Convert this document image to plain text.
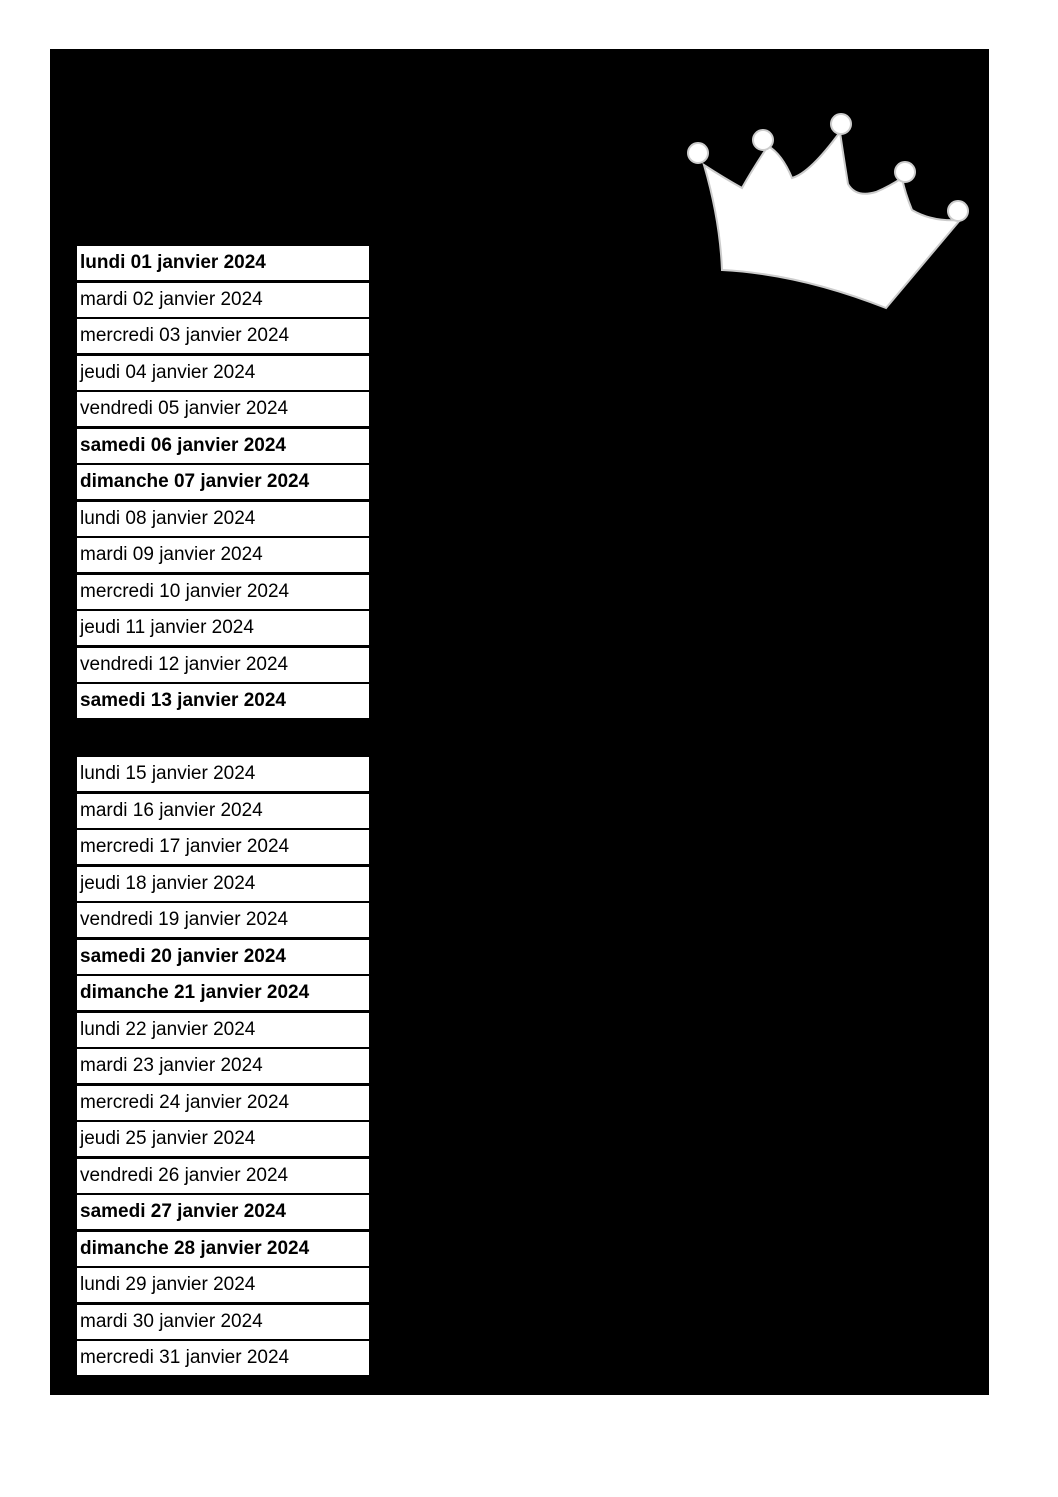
lundi 01 janvier 2024
mardi 02 janvier 2024
mercredi 03 janvier 2024
jeudi 04 janvier 2024
vendredi 05 janvier 2024
samedi 06 janvier 2024
dimanche 07 janvier 2024
lundi 08 janvier 2024
mardi 09 janvier 2024
mercredi 10 janvier 2024
jeudi 11 janvier 2024
vendredi 12 janvier 2024
samedi 13 janvier 2024
lundi 15 janvier 2024
mardi 16 janvier 2024
mercredi 17 janvier 2024
jeudi 18 janvier 2024
vendredi 19 janvier 2024
samedi 20 janvier 2024
dimanche 21 janvier 2024
lundi 22 janvier 2024
mardi 23 janvier 2024
mercredi 24 janvier 2024
jeudi 25 janvier 2024
vendredi 26 janvier 2024
samedi 27 janvier 2024
dimanche 28 janvier 2024
lundi 29 janvier 2024
mardi 30 janvier 2024
mercredi 31 janvier 2024
